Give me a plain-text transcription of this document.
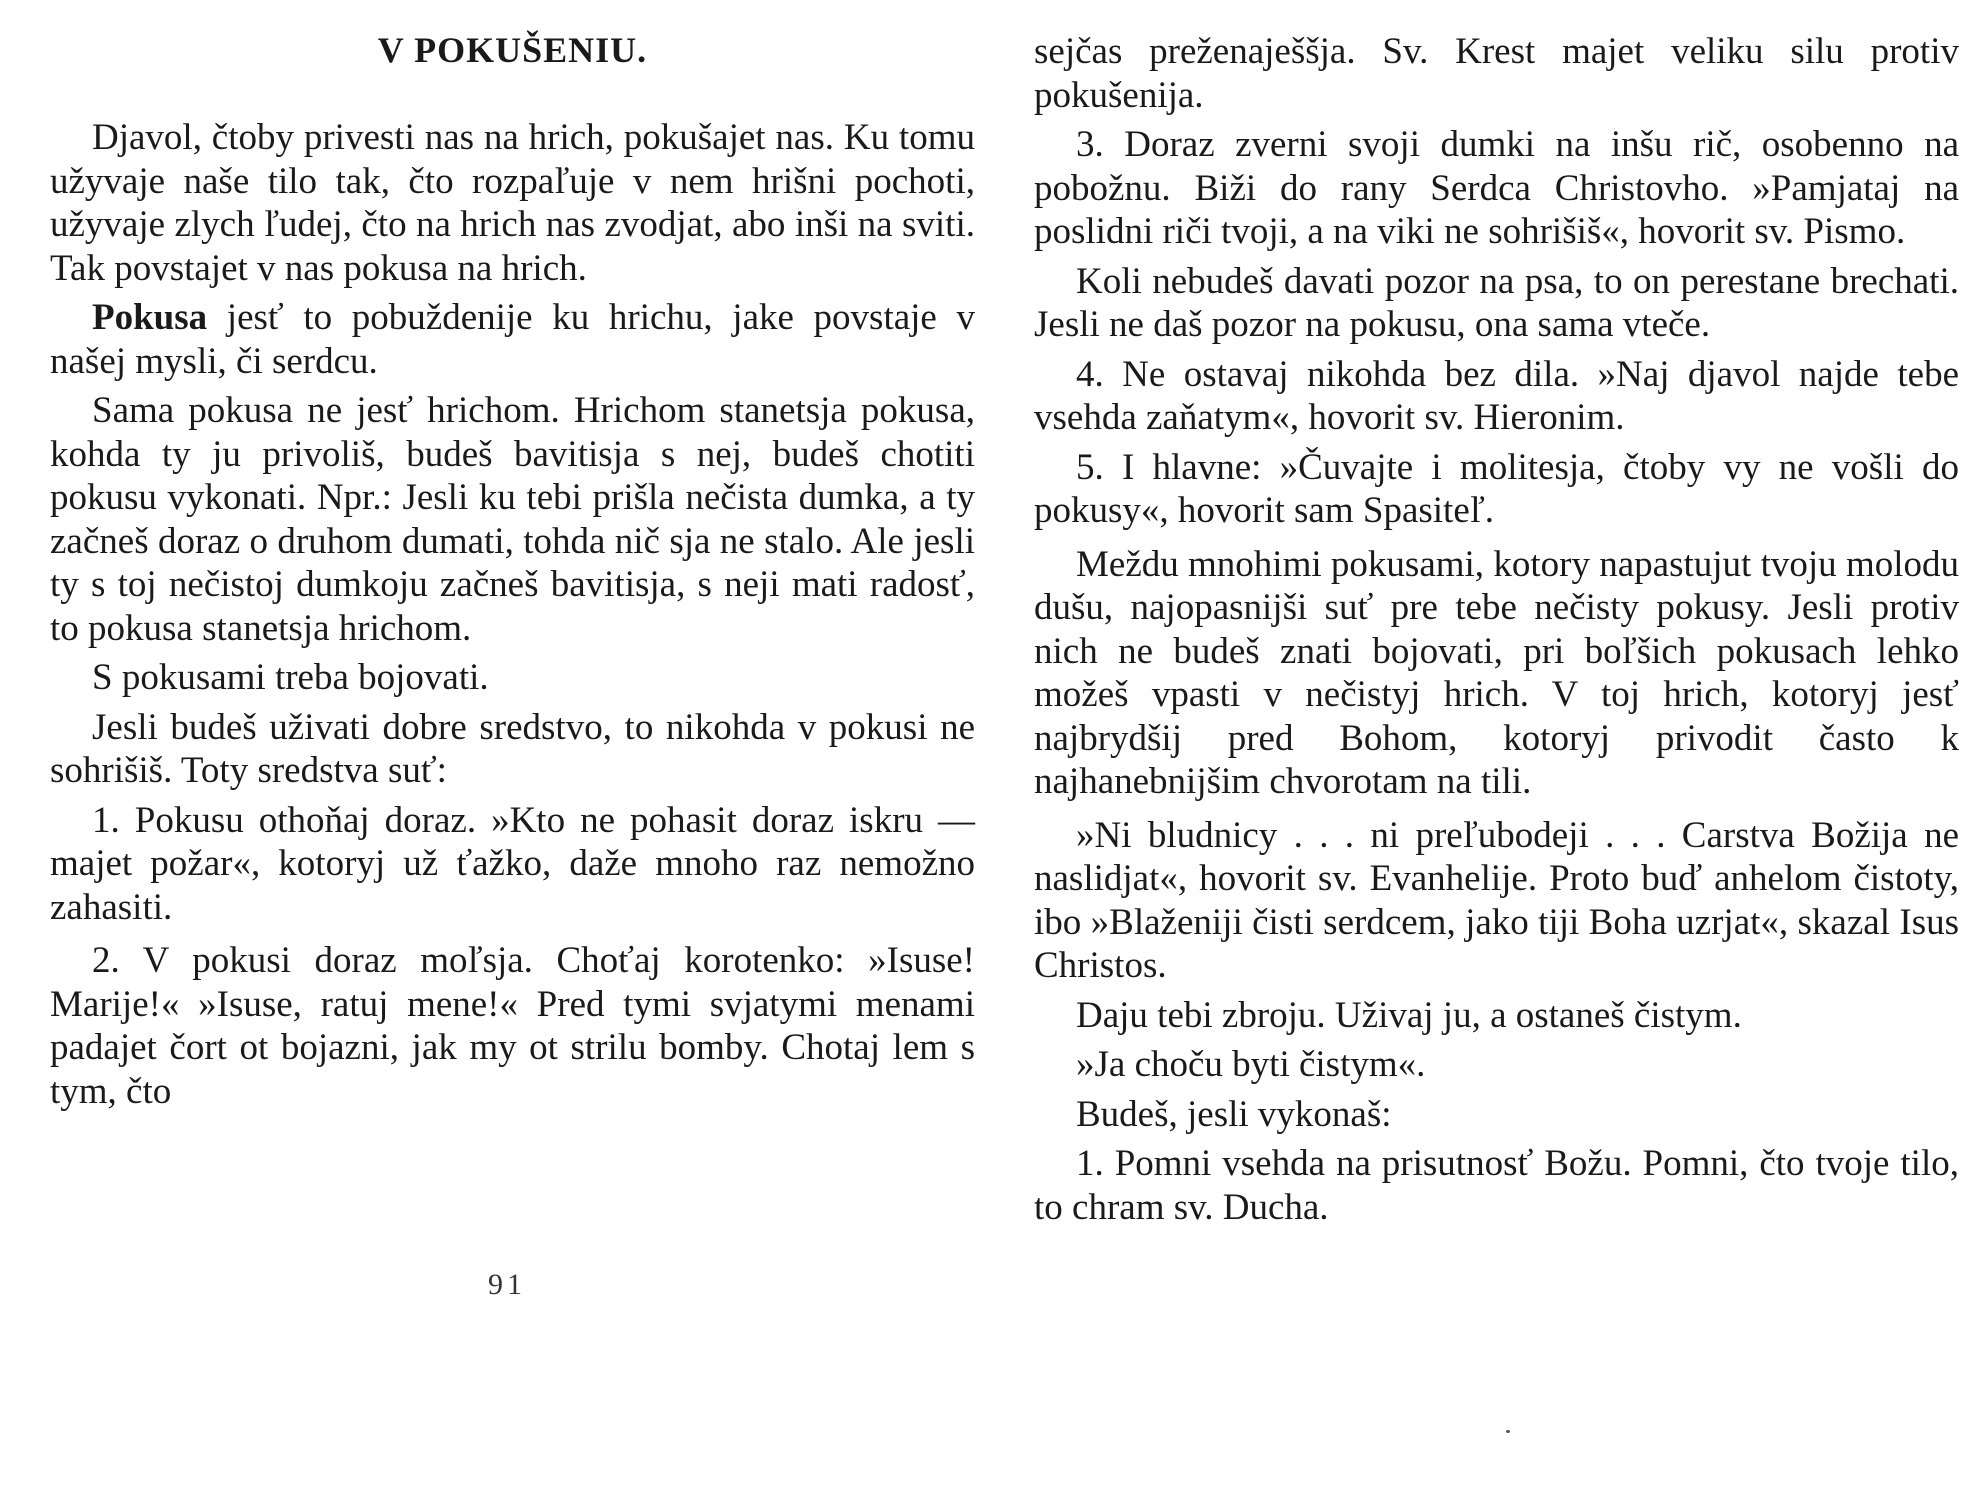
V POKUŠENIU.

Djavol, čtoby privesti nas na hrich, pokušajet nas. Ku tomu užyvaje naše tilo tak, čto rozpaľuje v nem hrišni pochoti, užyvaje zlych ľudej, čto na hrich nas zvodjat, abo inši na sviti. Tak povstajet v nas pokusa na hrich.

Pokusa jesť to pobuždenije ku hrichu, jake povstaje v našej mysli, či serdcu.

Sama pokusa ne jesť hrichom. Hrichom stanetsja pokusa, kohda ty ju privoliš, budeš bavitisja s nej, budeš chotiti pokusu vykonati. Npr.: Jesli ku tebi prišla nečista dumka, a ty začneš doraz o druhom dumati, tohda nič sja ne stalo. Ale jesli ty s toj nečistoj dumkoju začneš bavitisja, s neji mati radosť, to pokusa stanetsja hrichom.

S pokusami treba bojovati.

Jesli budeš uživati dobre sredstvo, to nikohda v pokusi ne sohrišiš. Toty sredstva suť:

1. Pokusu othoňaj doraz. »Kto ne pohasit doraz iskru — majet požar«, kotoryj už ťažko, daže mnoho raz nemožno zahasiti.

2. V pokusi doraz moľsja. Choťaj korotenko: »Isuse! Marije!« »Isuse, ratuj mene!« Pred tymi svjatymi menami padajet čort ot bojazni, jak my ot strilu bomby. Chotaj lem s tym, čto

91

sejčas preženaješšja. Sv. Krest majet veliku silu protiv pokušenija.

3. Doraz zverni svoji dumki na inšu rič, osobenno na pobožnu. Biži do rany Serdca Christovho. »Pamjataj na poslidni riči tvoji, a na viki ne sohrišiš«, hovorit sv. Pismo.

Koli nebudeš davati pozor na psa, to on perestane brechati. Jesli ne daš pozor na pokusu, ona sama vteče.

4. Ne ostavaj nikohda bez dila. »Naj djavol najde tebe vsehda zaňatym«, hovorit sv. Hieronim.

5. I hlavne: »Čuvajte i molitesja, čtoby vy ne vošli do pokusy«, hovorit sam Spasiteľ.

Meždu mnohimi pokusami, kotory napastujut tvoju molodu dušu, najopasnijši suť pre tebe nečisty pokusy. Jesli protiv nich ne budeš znati bojovati, pri boľšich pokusach lehko možeš vpasti v nečistyj hrich. V toj hrich, kotoryj jesť najbrydšij pred Bohom, kotoryj privodit často k najhanebnijšim chvorotam na tili.

»Ni bludnicy . . . ni preľubodeji . . . Carstva Božija ne naslidjat«, hovorit sv. Evanhelije. Proto buď anhelom čistoty, ibo »Blaženiji čisti serdcem, jako tiji Boha uzrjat«, skazal Isus Christos.

Daju tebi zbroju. Uživaj ju, a ostaneš čistym.

»Ja choču byti čistym«.

Budeš, jesli vykonaš:

1. Pomni vsehda na prisutnosť Božu. Pomni, čto tvoje tilo, to chram sv. Ducha.
